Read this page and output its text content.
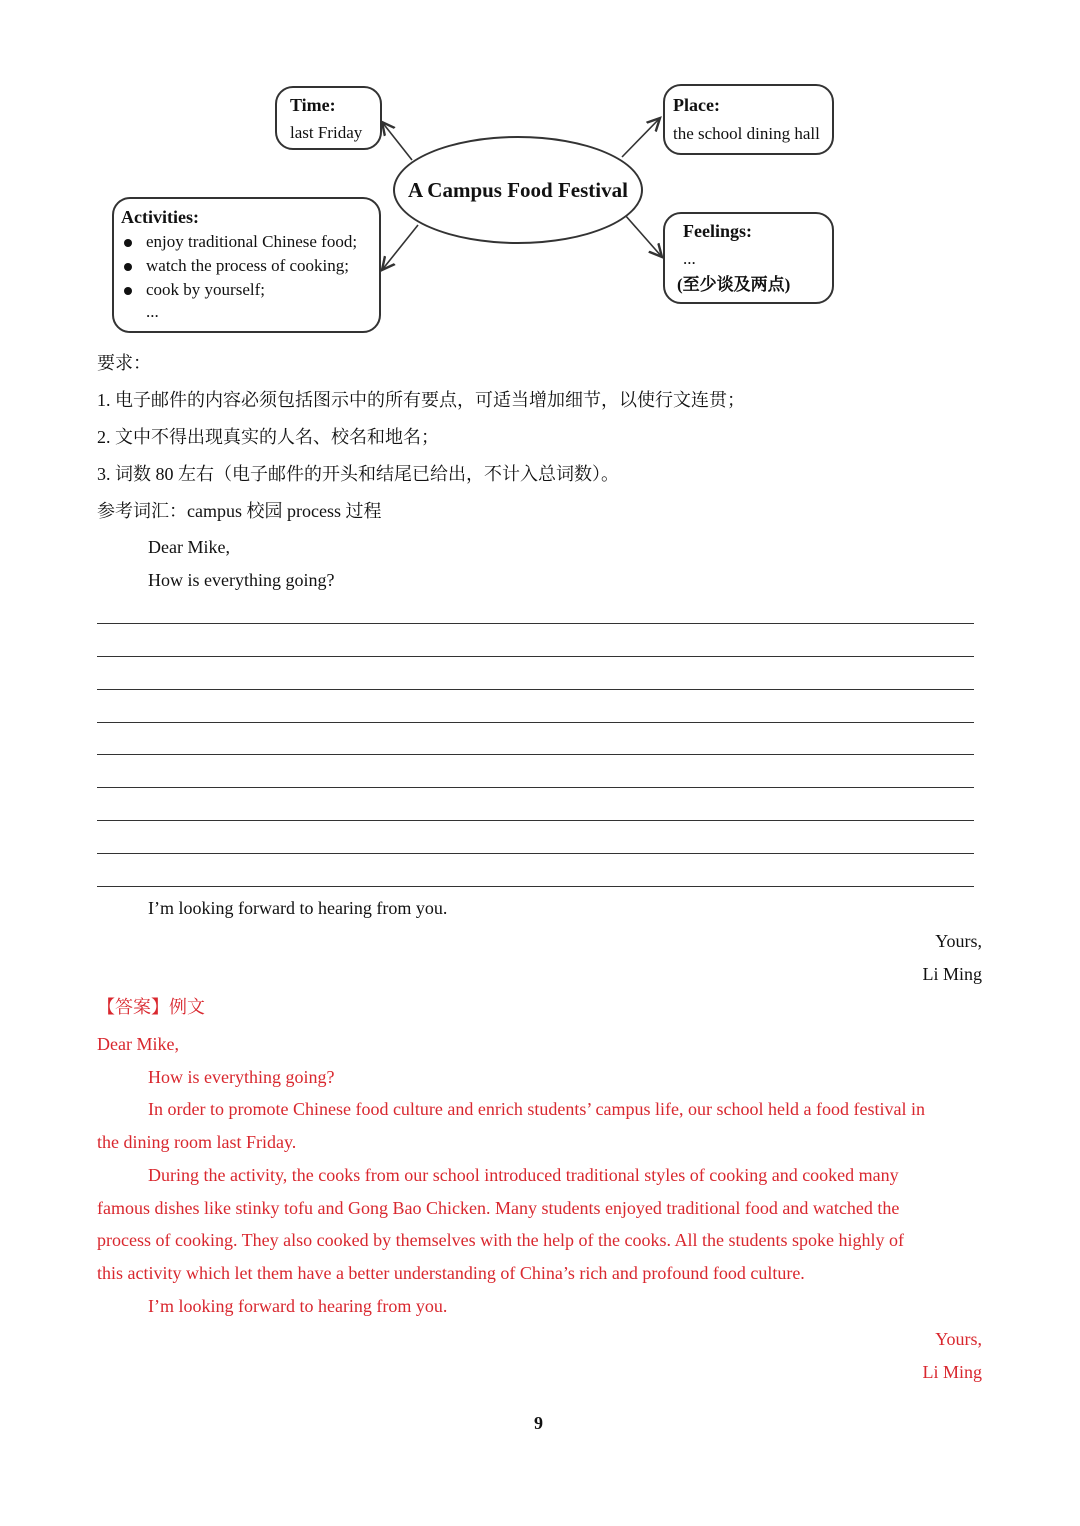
A Campus Food Festival
Time:
last Friday
Place:
the school dining hall
Activities:
enjoy traditional Chinese food;
watch the process of cooking;
cook by yourself;
...
Feelings:
...
(至少谈及两点)
要求：
1. 电子邮件的内容必须包括图示中的所有要点，可适当增加细节，以使行文连贯；
2. 文中不得出现真实的人名、校名和地名；
3. 词数 80 左右（电子邮件的开头和结尾已给出，不计入总词数）。
参考词汇：campus 校园 process 过程
Dear Mike,
How is everything going?
I’m looking forward to hearing from you.
Yours,
Li Ming
【答案】例文
Dear Mike,
How is everything going?
In order to promote Chinese food culture and enrich students’ campus life, our school held a food festival in
the dining room last Friday.
During the activity, the cooks from our school introduced traditional styles of cooking and cooked many
famous dishes like stinky tofu and Gong Bao Chicken. Many students enjoyed traditional food and watched the
process of cooking. They also cooked by themselves with the help of the cooks. All the students spoke highly of
this activity which let them have a better understanding of China’s rich and profound food culture.
I’m looking forward to hearing from you.
Yours,
Li Ming
9
